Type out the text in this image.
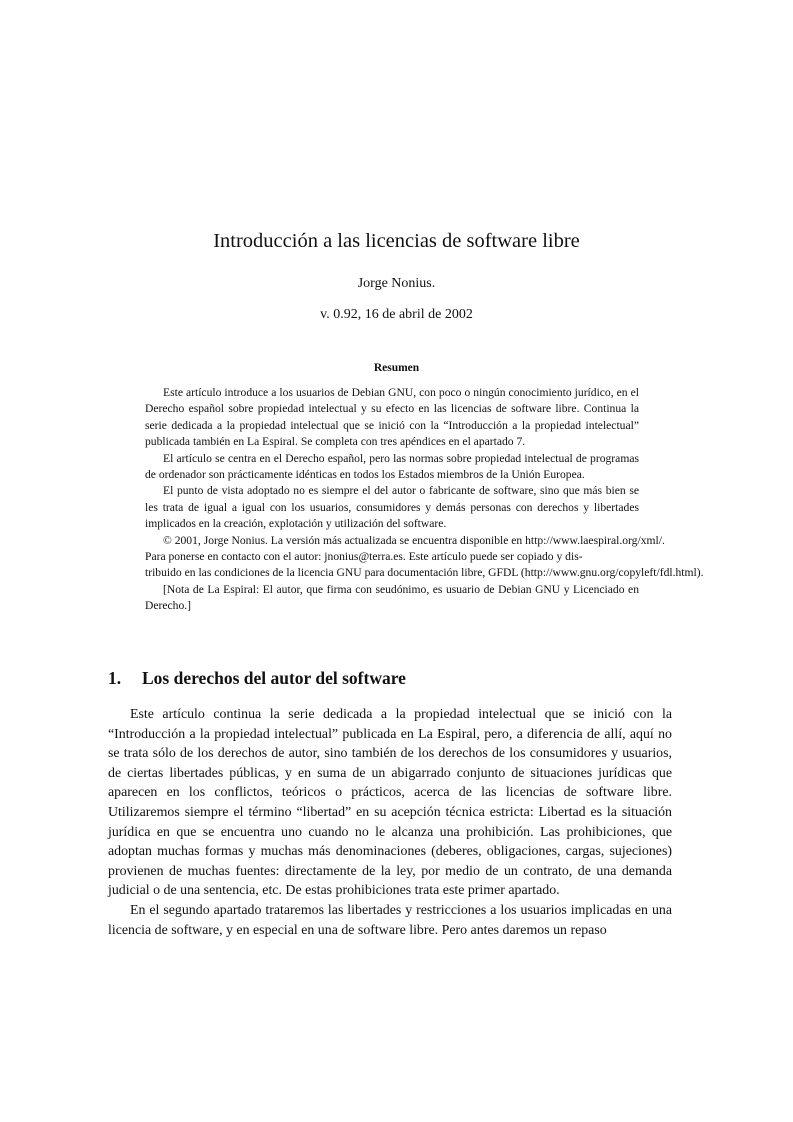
Introducción a las licencias de software libre
Jorge Nonius.
v. 0.92, 16 de abril de 2002
Resumen

Este artículo introduce a los usuarios de Debian GNU, con poco o ningún conocimiento jurídico, en el Derecho español sobre propiedad intelectual y su efecto en las licencias de software libre. Continua la serie dedicada a la propiedad intelectual que se inició con la “Introducción a la propiedad intelectual” publicada también en La Espiral. Se completa con tres apéndices en el apartado 7.

El artículo se centra en el Derecho español, pero las normas sobre propiedad intelectual de programas de ordenador son prácticamente idénticas en todos los Estados miembros de la Unión Europea.

El punto de vista adoptado no es siempre el del autor o fabricante de software, sino que más bien se les trata de igual a igual con los usuarios, consumidores y demás personas con derechos y libertades implicados en la creación, explotación y utilización del software.

© 2001, Jorge Nonius. La versión más actualizada se encuentra disponible en http://www.laespiral.org/xml/.

Para ponerse en contacto con el autor: jnonius@terra.es. Este artículo puede ser copiado y dis-
tribuido en las condiciones de la licencia GNU para documentación libre, GFDL (http://www.gnu.org/copyleft/fdl.html).

[Nota de La Espiral: El autor, que firma con seudónimo, es usuario de Debian GNU y Licenciado en Derecho.]

1. Los derechos del autor del software

Este artículo continua la serie dedicada a la propiedad intelectual que se inició con la “Introducción a la propiedad intelectual” publicada en La Espiral, pero, a diferencia de allí, aquí no se trata sólo de los derechos de autor, sino también de los derechos de los consumidores y usuarios, de ciertas libertades públicas, y en suma de un abigarrado conjunto de situaciones jurídicas que aparecen en los conflictos, teóricos o prácticos, acerca de las licencias de software libre. Utilizaremos siempre el término “libertad” en su acepción técnica estricta: Libertad es la situación jurídica en que se encuentra uno cuando no le alcanza una prohibición. Las prohibiciones, que adoptan muchas formas y muchas más denominaciones (deberes, obligaciones, cargas, sujeciones) provienen de muchas fuentes: directamente de la ley, por medio de un contrato, de una demanda judicial o de una sentencia, etc. De estas prohibiciones trata este primer apartado.

En el segundo apartado trataremos las libertades y restricciones a los usuarios implicadas en una licencia de software, y en especial en una de software libre. Pero antes daremos un repaso
